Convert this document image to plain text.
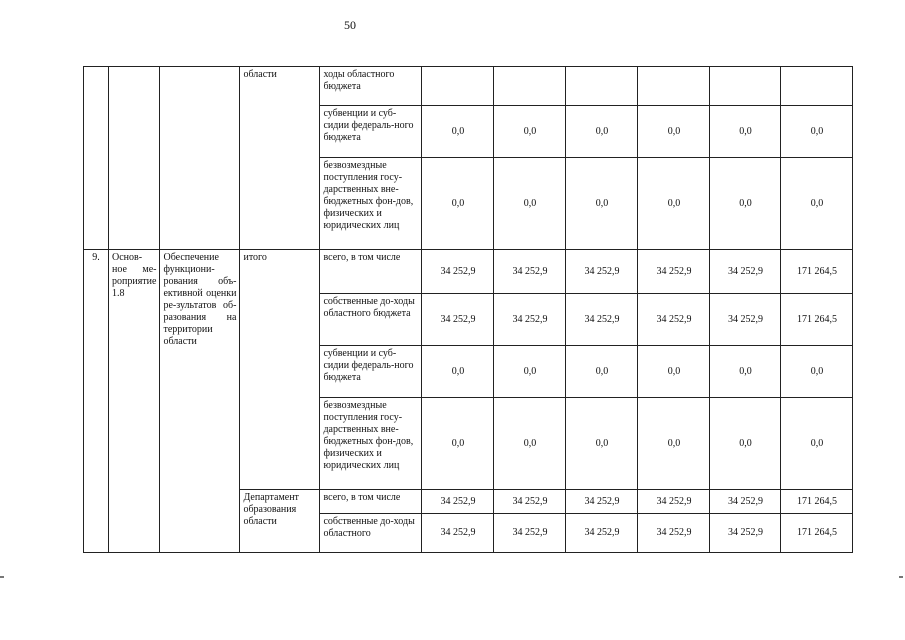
50
			области	ходы областного бюджета						
				субвенции и суб-сидии федераль-ного бюджета	0,0	0,0	0,0	0,0	0,0	0,0
				безвозмездные поступления госу-дарственных вне-бюджетных фон-дов, физических и юридических лиц	0,0	0,0	0,0	0,0	0,0	0,0
9.	Основ-ное ме-роприятие 1.8	Обеспечение функциони-рования объ-ективной оценки ре-зультатов об-разования на территории области	итого	всего, в том числе	34 252,9	34 252,9	34 252,9	34 252,9	34 252,9	171 264,5
				собственные до-ходы областного бюджета	34 252,9	34 252,9	34 252,9	34 252,9	34 252,9	171 264,5
				субвенции и суб-сидии федераль-ного бюджета	0,0	0,0	0,0	0,0	0,0	0,0
				безвозмездные поступления госу-дарственных вне-бюджетных фон-дов, физических и юридических лиц	0,0	0,0	0,0	0,0	0,0	0,0
			Департамент образования области	всего, в том числе	34 252,9	34 252,9	34 252,9	34 252,9	34 252,9	171 264,5
				собственные до-ходы областного	34 252,9	34 252,9	34 252,9	34 252,9	34 252,9	171 264,5
